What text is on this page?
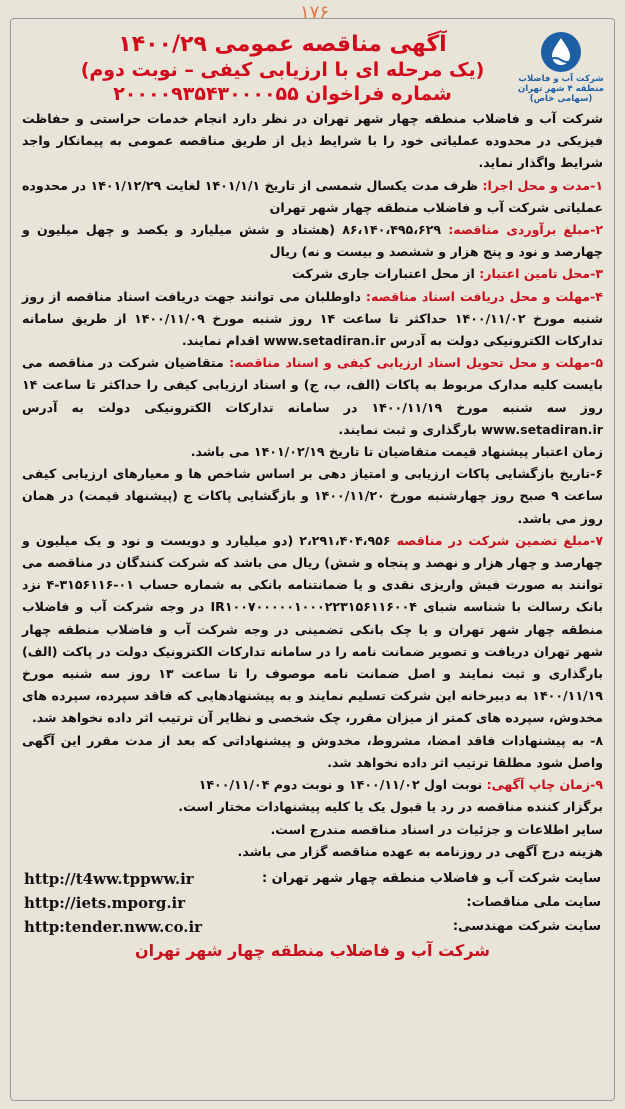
۱۷۶
شرکت آب و فاضلاب
منطقه ۴ شهر تهران
(سهامی خاص)
آگهی مناقصه عمومی ۱۴۰۰/۲۹
(یک مرحله ای با ارزیابی کیفی – نوبت دوم)
شماره فراخوان ۲۰۰۰۰۹۳۵۴۳۰۰۰۰۵۵

شرکت آب و فاضلاب منطقه چهار شهر تهران در نظر دارد انجام خدمات حراستی و حفاظت فیزیکی در محدوده عملیاتی خود را با شرایط ذیل از طریق مناقصه عمومی به پیمانکار واجد شرایط واگذار نماید.

۱-مدت و محل اجرا: ظرف مدت یکسال شمسی از تاریخ ۱۴۰۱/۱/۱ لغایت ۱۴۰۱/۱۲/۲۹ در محدوده عملیاتی شرکت آب و فاضلاب منطقه چهار شهر تهران

۲-مبلغ برآوردی مناقصه: ۸۶،۱۴۰،۴۹۵،۶۲۹ (هشتاد و شش میلیارد و یکصد و چهل میلیون و چهارصد و نود و پنج هزار و ششصد و بیست و نه) ریال

۳-محل تامین اعتبار: از محل اعتبارات جاری شرکت

۴-مهلت و محل دریافت اسناد مناقصه: داوطلبان می توانند جهت دریافت اسناد مناقصه از روز شنبه مورخ ۱۴۰۰/۱۱/۰۲ حداکثر تا ساعت ۱۴ روز شنبه مورخ ۱۴۰۰/۱۱/۰۹ از طریق سامانه تدارکات الکترونیکی دولت به آدرس www.setadiran.ir اقدام نمایند.

۵-مهلت و محل تحویل اسناد ارزیابی کیفی و اسناد مناقصه: متقاضیان شرکت در مناقصه می بایست کلیه مدارک مربوط به پاکات (الف، ب، ج) و اسناد ارزیابی کیفی را حداکثر تا ساعت ۱۴ روز سه شنبه مورخ ۱۴۰۰/۱۱/۱۹ در سامانه تدارکات الکترونیکی دولت به آدرس www.setadiran.ir بارگذاری و ثبت نمایند.

زمان اعتبار پیشنهاد قیمت متقاضیان تا تاریخ ۱۴۰۱/۰۲/۱۹ می باشد.

۶-تاریخ بازگشایی پاکات ارزیابی و امتیاز دهی بر اساس شاخص ها و معیارهای ارزیابی کیفی ساعت ۹ صبح روز چهارشنبه مورخ ۱۴۰۰/۱۱/۲۰ و بازگشایی پاکات ج (پیشنهاد قیمت) در همان روز می باشد.

۷-مبلغ تضمین شرکت در مناقصه ۲،۲۹۱،۴۰۴،۹۵۶ (دو میلیارد و دویست و نود و یک میلیون و چهارصد و چهار هزار و نهصد و پنجاه و شش) ریال می باشد که شرکت کنندگان در مناقصه می توانند به صورت فیش واریزی نقدی و یا ضمانتنامه بانکی به شماره حساب ۰۱-۳۱۵۶۱۱۶-۴ نزد بانک رسالت با شناسه شبای IR۱۰۰۷۰۰۰۰۰۱۰۰۰۲۲۳۱۵۶۱۱۶۰۰۴ در وجه شرکت آب و فاضلاب منطقه چهار شهر تهران و یا چک بانکی تضمینی در وجه شرکت آب و فاضلاب منطقه چهار شهر تهران دریافت و تصویر ضمانت نامه را در سامانه تدارکات الکترونیک دولت در پاکت (الف) بارگذاری و ثبت نمایند و اصل ضمانت نامه موصوف را تا ساعت ۱۳ روز سه شنبه مورخ ۱۴۰۰/۱۱/۱۹ به دبیرخانه این شرکت تسلیم نمایند و به پیشنهادهایی که فاقد سپرده، سپرده های مخدوش، سپرده های کمتر از میزان مقرر، چک شخصی و نظایر آن ترتیب اثر داده نخواهد شد.

۸- به پیشنهادات فاقد امضا، مشروط، مخدوش و پیشنهاداتی که بعد از مدت مقرر این آگهی واصل شود مطلقا ترتیب اثر داده نخواهد شد.

۹-زمان چاپ آگهی: نوبت اول ۱۴۰۰/۱۱/۰۲ و نوبت دوم ۱۴۰۰/۱۱/۰۴

برگزار کننده مناقصه در رد یا قبول یک یا کلیه پیشنهادات مختار است.

سایر اطلاعات و جزئیات در اسناد مناقصه مندرج است.

هزینه درج آگهی در روزنامه به عهده مناقصه گزار می باشد.

سایت شرکت آب و فاضلاب منطقه چهار شهر تهران :
http://t4ww.tppww.ir
سایت ملی مناقصات:
http://iets.mporg.ir
سایت شرکت مهندسی:
http:tender.nww.co.ir
شرکت آب و فاضلاب منطقه چهار شهر تهران
